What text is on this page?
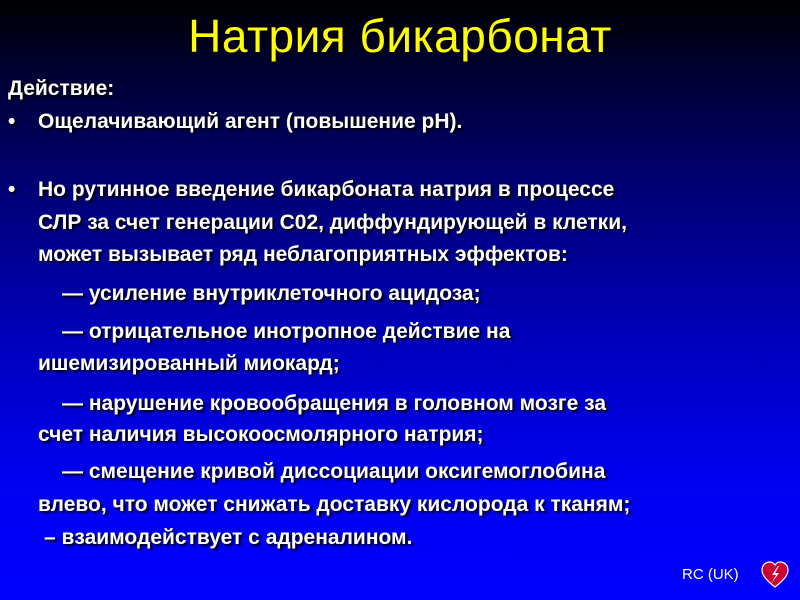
Натрия бикарбонат
Действие:
• Ощелачивающий агент (повышение pH).
• Но рутинное введение бикарбоната натрия в процессе
СЛР за счет генерации С02, диффундирующей в клетки,
может вызывает ряд неблагоприятных эффектов:
— усиление внутриклеточного ацидоза;
— отрицательное инотропное действие на
ишемизированный миокард;
— нарушение кровообращения в головном мозге за
счет наличия высокоосмолярного натрия;
— смещение кривой диссоциации оксигемоглобина
влево, что может снижать доставку кислорода к тканям;
– взаимодействует с адреналином.
RC (UK)
